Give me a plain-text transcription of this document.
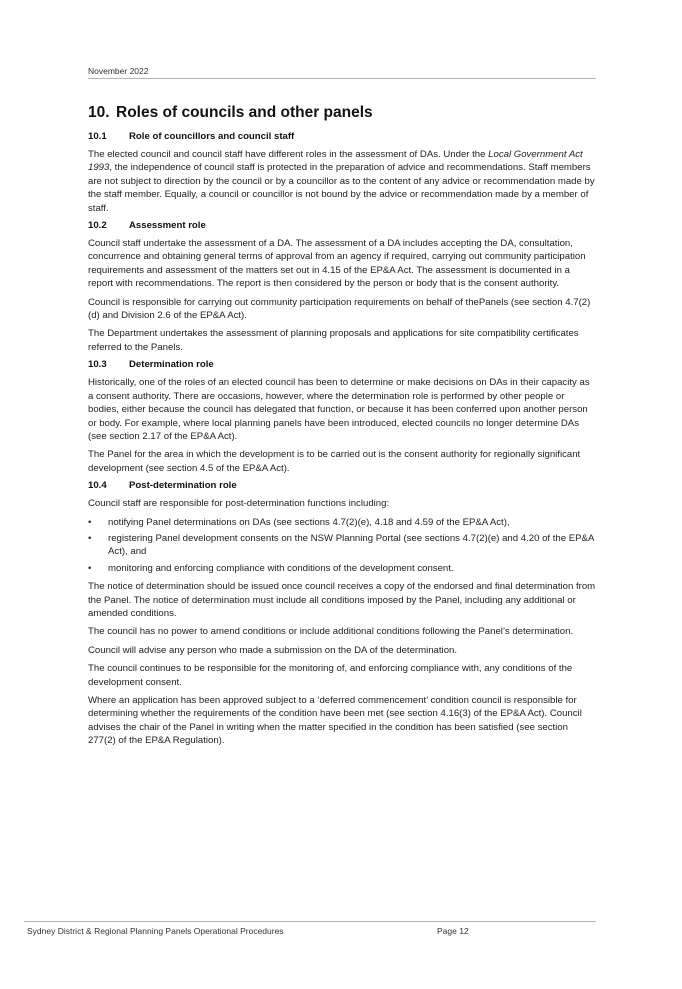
November 2022
10. Roles of councils and other panels
10.1 Role of councillors and council staff

The elected council and council staff have different roles in the assessment of DAs. Under the Local Government Act 1993, the independence of council staff is protected in the preparation of advice and recommendations. Staff members are not subject to direction by the council or by a councillor as to the content of any advice or recommendation made by the staff member. Equally, a council or councillor is not bound by the advice or recommendation made by a member of staff.

10.2 Assessment role

Council staff undertake the assessment of a DA. The assessment of a DA includes accepting the DA, consultation, concurrence and obtaining general terms of approval from an agency if required, carrying out community participation requirements and assessment of the matters set out in 4.15 of the EP&A Act. The assessment is documented in a report with recommendations. The report is then considered by the person or body that is the consent authority.

Council is responsible for carrying out community participation requirements on behalf of thePanels (see section 4.7(2)(d) and Division 2.6 of the EP&A Act).

The Department undertakes the assessment of planning proposals and applications for site compatibility certificates referred to the Panels.

10.3 Determination role

Historically, one of the roles of an elected council has been to determine or make decisions on DAs in their capacity as a consent authority. There are occasions, however, where the determination role is performed by other people or bodies, either because the council has delegated that function, or because it has been conferred upon another person or body. For example, where local planning panels have been introduced, elected councils no longer determine DAs (see section 2.17 of the EP&A Act).

The Panel for the area in which the development is to be carried out is the consent authority for regionally significant development (see section 4.5 of the EP&A Act).

10.4 Post-determination role

Council staff are responsible for post-determination functions including:

• notifying Panel determinations on DAs (see sections 4.7(2)(e), 4.18 and 4.59 of the EP&A Act),
• registering Panel development consents on the NSW Planning Portal (see sections 4.7(2)(e) and 4.20 of the EP&A Act), and
• monitoring and enforcing compliance with conditions of the development consent.

The notice of determination should be issued once council receives a copy of the endorsed and final determination from the Panel. The notice of determination must include all conditions imposed by the Panel, including any additional or amended conditions.

The council has no power to amend conditions or include additional conditions following the Panel’s determination.

Council will advise any person who made a submission on the DA of the determination.

The council continues to be responsible for the monitoring of, and enforcing compliance with, any conditions of the development consent.

Where an application has been approved subject to a ‘deferred commencement’ condition council is responsible for determining whether the requirements of the condition have been met (see section 4.16(3) of the EP&A Act). Council advises the chair of the Panel in writing when the matter specified in the condition has been satisfied (see section 277(2) of the EP&A Regulation).

Sydney District & Regional Planning Panels Operational Procedures	Page 12
